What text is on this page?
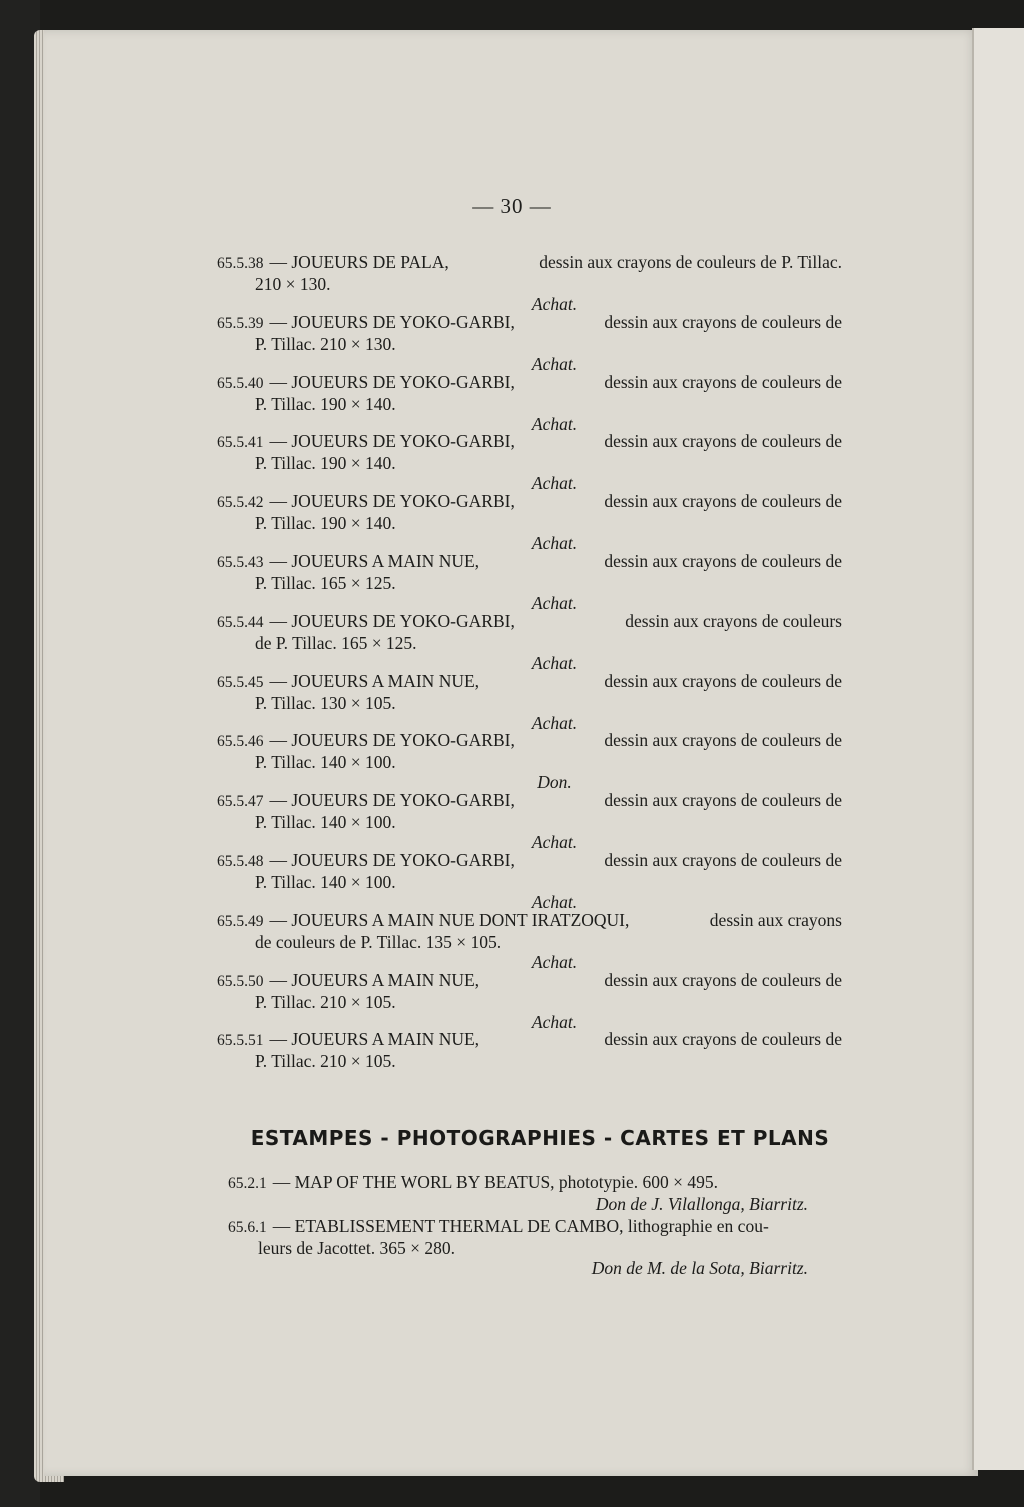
— 30 —
65.5.38 — JOUEURS DE PALA,	dessin aux crayons de couleurs de P. Tillac.
210 × 130.
Achat.
65.5.39 — JOUEURS DE YOKO-GARBI,	dessin aux crayons de couleurs de
P. Tillac. 210 × 130.
Achat.
65.5.40 — JOUEURS DE YOKO-GARBI,	dessin aux crayons de couleurs de
P. Tillac. 190 × 140.
Achat.
65.5.41 — JOUEURS DE YOKO-GARBI,	dessin aux crayons de couleurs de
P. Tillac. 190 × 140.
Achat.
65.5.42 — JOUEURS DE YOKO-GARBI,	dessin aux crayons de couleurs de
P. Tillac. 190 × 140.
Achat.
65.5.43 — JOUEURS A MAIN NUE,	dessin aux crayons de couleurs de
P. Tillac. 165 × 125.
Achat.
65.5.44 — JOUEURS DE YOKO-GARBI,	dessin aux crayons de couleurs
de P. Tillac. 165 × 125.
Achat.
65.5.45 — JOUEURS A MAIN NUE,	dessin aux crayons de couleurs de
P. Tillac. 130 × 105.
Achat.
65.5.46 — JOUEURS DE YOKO-GARBI,	dessin aux crayons de couleurs de
P. Tillac. 140 × 100.
Don.
65.5.47 — JOUEURS DE YOKO-GARBI,	dessin aux crayons de couleurs de
P. Tillac. 140 × 100.
Achat.
65.5.48 — JOUEURS DE YOKO-GARBI,	dessin aux crayons de couleurs de
P. Tillac. 140 × 100.
Achat.
65.5.49 — JOUEURS A MAIN NUE DONT IRATZOQUI,	dessin aux crayons
de couleurs de P. Tillac. 135 × 105.
Achat.
65.5.50 — JOUEURS A MAIN NUE,	dessin aux crayons de couleurs de
P. Tillac. 210 × 105.
Achat.
65.5.51 — JOUEURS A MAIN NUE,	dessin aux crayons de couleurs de
P. Tillac. 210 × 105.
ESTAMPES - PHOTOGRAPHIES - CARTES ET PLANS
65.2.1 — MAP OF THE WORL BY BEATUS, phototypie. 600 × 495.
Don de J. Vilallonga, Biarritz.
65.6.1 — ETABLISSEMENT THERMAL DE CAMBO, lithographie en cou-
leurs de Jacottet. 365 × 280.
Don de M. de la Sota, Biarritz.
